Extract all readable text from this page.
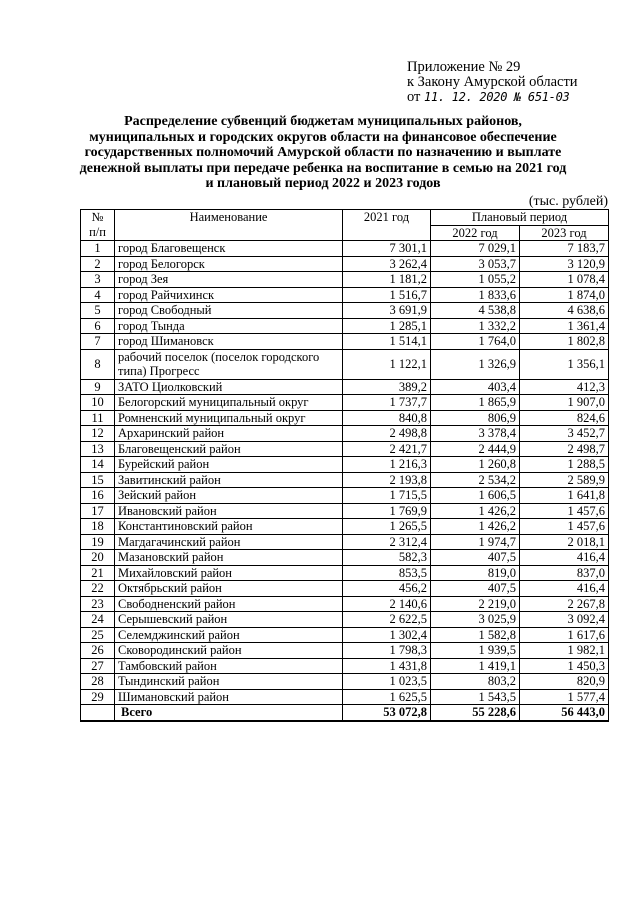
Приложение № 29
к Закону Амурской области
от 11. 12. 2020 № 651-03
Распределение субвенций бюджетам муниципальных районов, муниципальных и городских округов области на финансовое обеспечение государственных полномочий Амурской области по назначению и выплате денежной выплаты при передаче ребенка на воспитание в семью на 2021 год и плановый период 2022 и 2023 годов
(тыс. рублей)
№
п/п	Наименование	2021 год	Плановый период	
			2022 год	2023 год
1	город Благовещенск	7 301,1	7 029,1	7 183,7
2	город Белогорск	3 262,4	3 053,7	3 120,9
3	город Зея	1 181,2	1 055,2	1 078,4
4	город Райчихинск	1 516,7	1 833,6	1 874,0
5	город Свободный	3 691,9	4 538,8	4 638,6
6	город Тында	1 285,1	1 332,2	1 361,4
7	город Шимановск	1 514,1	1 764,0	1 802,8
8	рабочий поселок (поселок городского типа) Прогресс	1 122,1	1 326,9	1 356,1
9	ЗАТО Циолковский	389,2	403,4	412,3
10	Белогорский муниципальный округ	1 737,7	1 865,9	1 907,0
11	Ромненский муниципальный округ	840,8	806,9	824,6
12	Архаринский район	2 498,8	3 378,4	3 452,7
13	Благовещенский район	2 421,7	2 444,9	2 498,7
14	Бурейский район	1 216,3	1 260,8	1 288,5
15	Завитинский район	2 193,8	2 534,2	2 589,9
16	Зейский район	1 715,5	1 606,5	1 641,8
17	Ивановский район	1 769,9	1 426,2	1 457,6
18	Константиновский район	1 265,5	1 426,2	1 457,6
19	Магдагачинский район	2 312,4	1 974,7	2 018,1
20	Мазановский район	582,3	407,5	416,4
21	Михайловский район	853,5	819,0	837,0
22	Октябрьский район	456,2	407,5	416,4
23	Свободненский район	2 140,6	2 219,0	2 267,8
24	Серышевский район	2 622,5	3 025,9	3 092,4
25	Селемджинский район	1 302,4	1 582,8	1 617,6
26	Сковородинский район	1 798,3	1 939,5	1 982,1
27	Тамбовский район	1 431,8	1 419,1	1 450,3
28	Тындинский район	1 023,5	803,2	820,9
29	Шимановский район	1 625,5	1 543,5	1 577,4
	Всего	53 072,8	55 228,6	56 443,0
